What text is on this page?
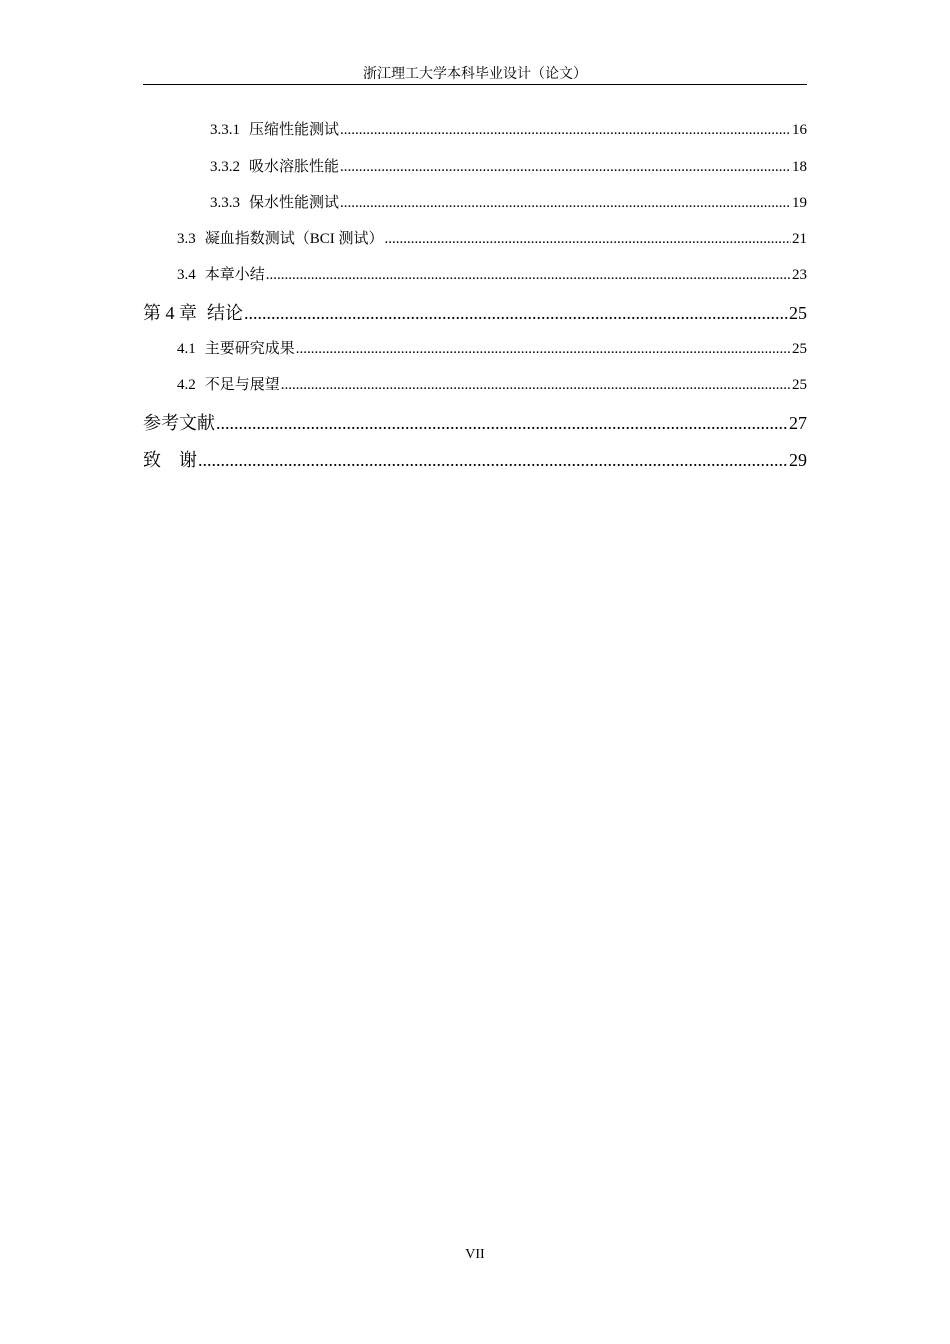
浙江理工大学本科毕业设计（论文）
3.3.1 压缩性能测试 .....	16
3.3.2 吸水溶胀性能 .....	18
3.3.3 保水性能测试 .....	19
3.3 凝血指数测试（BCI 测试） .....	21
3.4 本章小结 .....	23
第 4 章 结论 .....	25
4.1 主要研究成果 .....	25
4.2 不足与展望 .....	25
参考文献 .....	27
致　谢 .....	29
VII
